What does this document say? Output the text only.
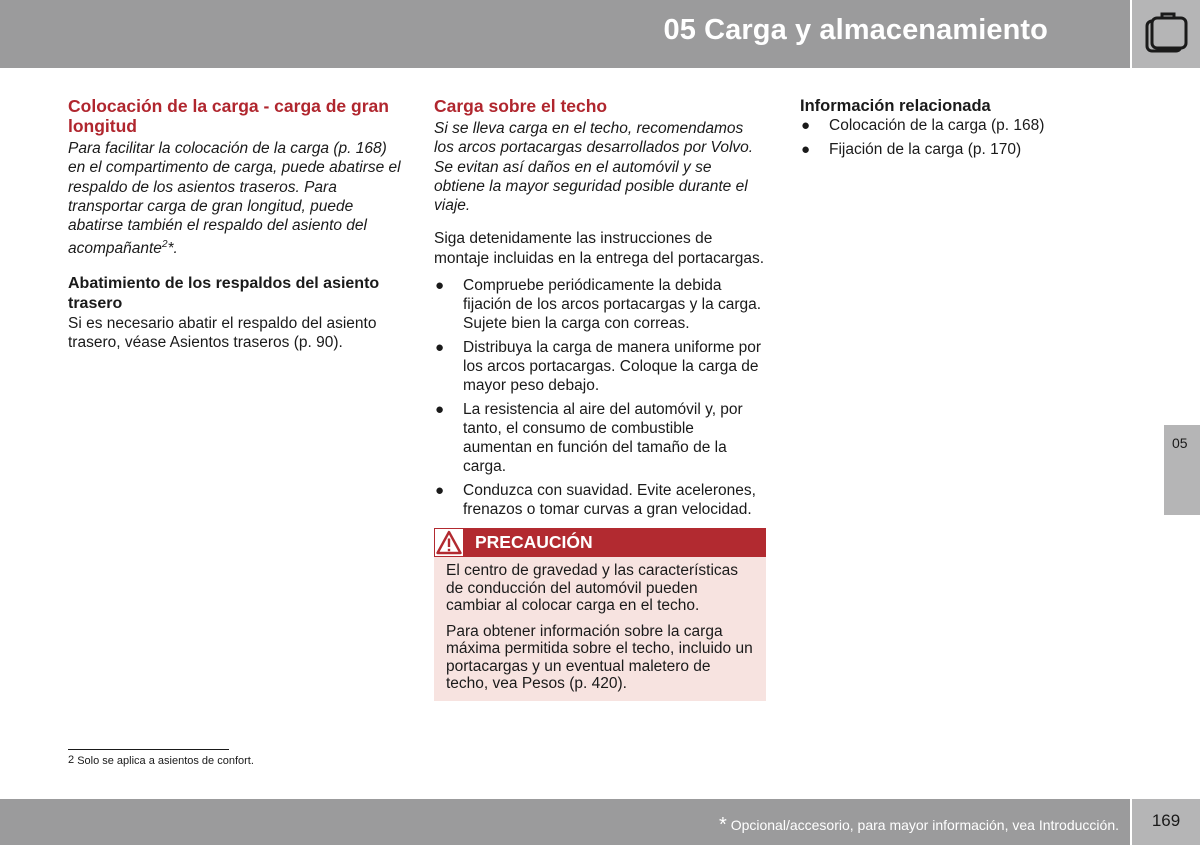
05 Carga y almacenamiento
Colocación de la carga - carga de gran longitud

Para facilitar la colocación de la carga (p. 168) en el compartimento de carga, puede abatirse el respaldo de los asientos traseros. Para transportar carga de gran longitud, puede abatirse también el respaldo del asiento del acompañante$^2$*.

Abatimiento de los respaldos del asiento trasero

Si es necesario abatir el respaldo del asiento trasero, véase Asientos traseros (p. 90).

Carga sobre el techo

Si se lleva carga en el techo, recomendamos los arcos portacargas desarrollados por Volvo. Se evitan así daños en el automóvil y se obtiene la mayor seguridad posible durante el viaje.

Siga detenidamente las instrucciones de montaje incluidas en la entrega del portacargas.

● Compruebe periódicamente la debida fijación de los arcos portacargas y la carga. Sujete bien la carga con correas.
● Distribuya la carga de manera uniforme por los arcos portacargas. Coloque la carga de mayor peso debajo.
● La resistencia al aire del automóvil y, por tanto, el consumo de combustible aumentan en función del tamaño de la carga.
● Conduzca con suavidad. Evite acelerones, frenazos o tomar curvas a gran velocidad.
PRECAUCIÓN

El centro de gravedad y las características de conducción del automóvil pueden cambiar al colocar carga en el techo.

Para obtener información sobre la carga máxima permitida sobre el techo, incluido un portacargas y un eventual maletero de techo, vea Pesos (p. 420).

Información relacionada
● Colocación de la carga (p. 168)
● Fijación de la carga (p. 170)
05
2 Solo se aplica a asientos de confort.
* Opcional/accesorio, para mayor información, vea Introducción.	169
